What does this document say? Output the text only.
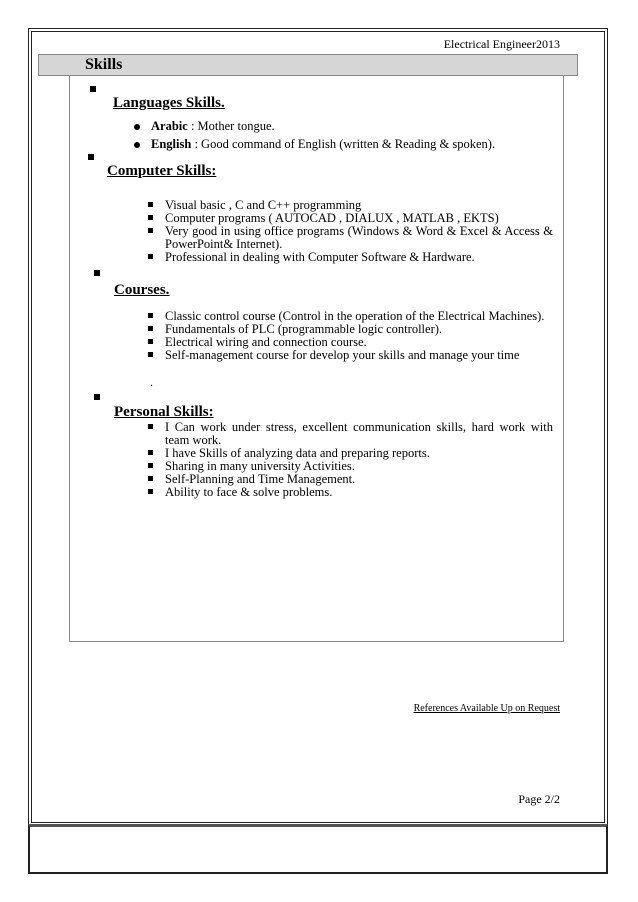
Electrical Engineer2013
Skills
Languages Skills.
Arabic : Mother tongue.
English : Good command of English (written & Reading & spoken).
Computer Skills:
Visual basic , C and C++ programming
Computer programs ( AUTOCAD , DIALUX , MATLAB , EKTS)
Very good in using office programs (Windows & Word & Excel & Access & PowerPoint& Internet).
Professional in dealing with Computer Software & Hardware.
Courses.
Classic control course (Control in the operation of the Electrical Machines).
Fundamentals of PLC (programmable logic controller).
Electrical wiring and connection course.
Self-management course for develop your skills and manage your time
.
Personal Skills:
I Can work under stress, excellent communication skills, hard work with team work.
I have Skills of analyzing data and preparing reports.
Sharing in many university Activities.
Self-Planning and Time Management.
Ability to face & solve problems.
References Available Up on Request
Page 2/2
